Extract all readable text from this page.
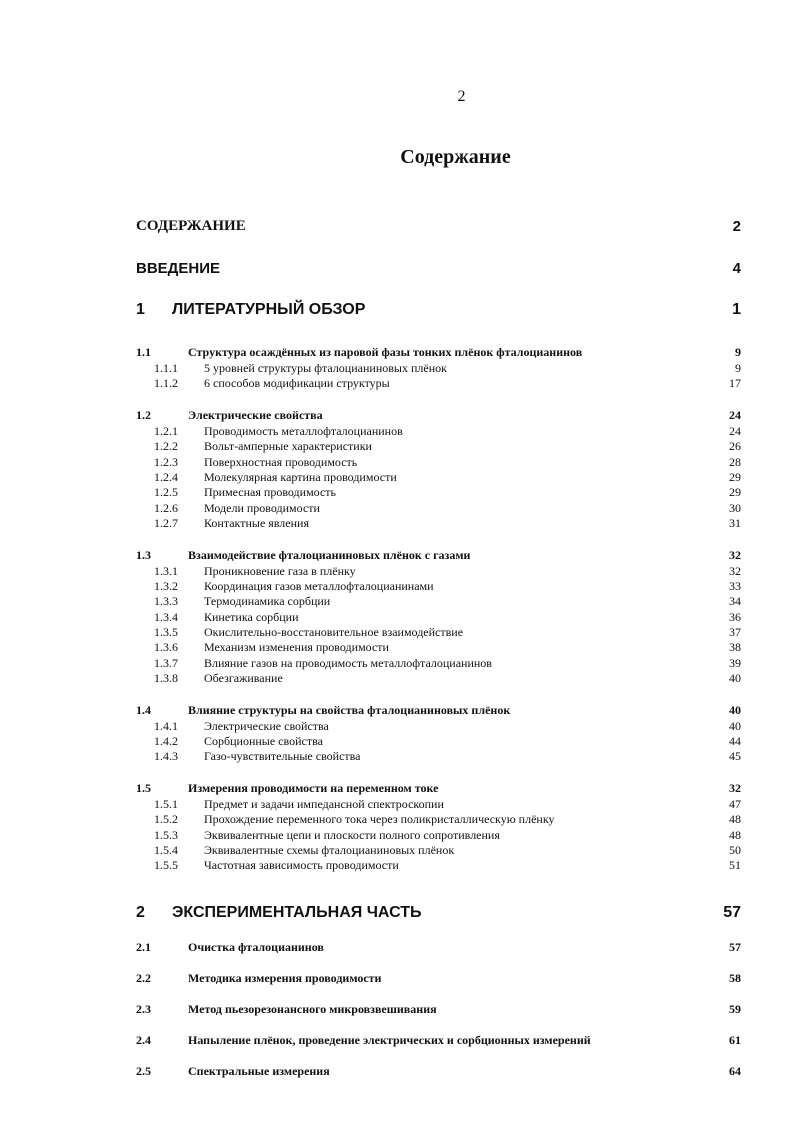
2
Содержание
СОДЕРЖАНИЕ	2
ВВЕДЕНИЕ	4
1 ЛИТЕРАТУРНЫЙ ОБЗОР	1
1.1	Структура осаждённых из паровой фазы тонких плёнок фталоцианинов	9
1.1.1 5 уровней структуры фталоцианиновых плёнок	9
1.1.2 6 способов модификации структуры	17
1.2	Электрические свойства	24
1.2.1 Проводимость металлофталоцианинов	24
1.2.2 Вольт-амперные характеристики	26
1.2.3 Поверхностная проводимость	28
1.2.4 Молекулярная картина проводимости	29
1.2.5 Примесная проводимость	29
1.2.6 Модели проводимости	30
1.2.7 Контактные явления	31
1.3	Взаимодействие фталоцианиновых плёнок с газами	32
1.3.1 Проникновение газа в плёнку	32
1.3.2 Координация газов металлофталоцианинами	33
1.3.3 Термодинамика сорбции	34
1.3.4 Кинетика сорбции	36
1.3.5 Окислительно-восстановительное взаимодействие	37
1.3.6 Механизм изменения проводимости	38
1.3.7 Влияние газов на проводимость металлофталоцианинов	39
1.3.8 Обезгаживание	40
1.4	Влияние структуры на свойства фталоцианиновых плёнок	40
1.4.1 Электрические свойства	40
1.4.2 Сорбционные свойства	44
1.4.3 Газо-чувствительные свойства	45
1.5	Измерения проводимости на переменном токе	32
1.5.1 Предмет и задачи импедансной спектроскопии	47
1.5.2 Прохождение переменного тока через поликристаллическую плёнку	48
1.5.3 Эквивалентные цепи и плоскости полного сопротивления	48
1.5.4 Эквивалентные схемы фталоцианиновых плёнок	50
1.5.5 Частотная зависимость проводимости	51
2 ЭКСПЕРИМЕНТАЛЬНАЯ ЧАСТЬ	57
2.1	Очистка фталоцианинов	57
2.2	Методика измерения проводимости	58
2.3	Метод пьезорезонансного микровзвешивания	59
2.4	Напыление плёнок, проведение электрических и сорбционных измерений	61
2.5	Спектральные измерения	64
